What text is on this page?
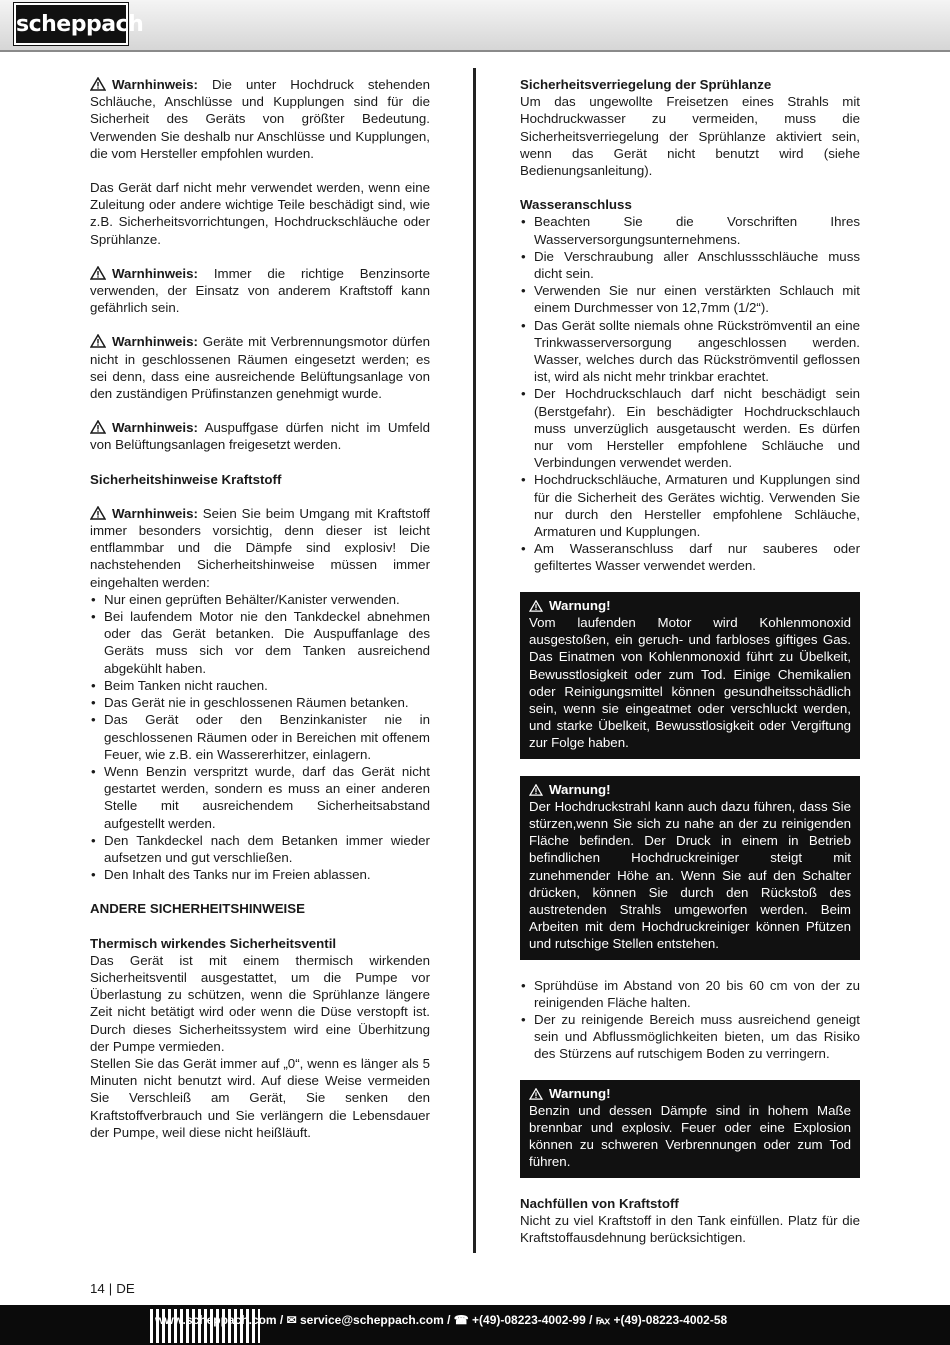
scheppach

Warnhinweis: Die unter Hochdruck stehenden Schläuche, Anschlüsse und Kupplungen sind für die Sicherheit des Geräts von größter Bedeutung. Verwenden Sie deshalb nur Anschlüsse und Kupplungen, die vom Hersteller empfohlen wurden.

Das Gerät darf nicht mehr verwendet werden, wenn eine Zuleitung oder andere wichtige Teile beschädigt sind, wie z.B. Sicherheitsvorrichtungen, Hochdruckschläuche oder Sprühlanze.

Warnhinweis: Immer die richtige Benzinsorte verwenden, der Einsatz von anderem Kraftstoff kann gefährlich sein.

Warnhinweis: Geräte mit Verbrennungsmotor dürfen nicht in geschlossenen Räumen eingesetzt werden; es sei denn, dass eine ausreichende Belüftungsanlage von den zuständigen Prüfinstanzen genehmigt wurde.

Warnhinweis: Auspuffgase dürfen nicht im Umfeld von Belüftungsanlagen freigesetzt werden.

Sicherheitshinweise Kraftstoff

Warnhinweis: Seien Sie beim Umgang mit Kraftstoff immer besonders vorsichtig, denn dieser ist leicht entflammbar und die Dämpfe sind explosiv! Die nachstehenden Sicherheitshinweise müssen immer eingehalten werden:

• Nur einen geprüften Behälter/Kanister verwenden.
• Bei laufendem Motor nie den Tankdeckel abnehmen oder das Gerät betanken. Die Auspuffanlage des Geräts muss sich vor dem Tanken ausreichend abgekühlt haben.
• Beim Tanken nicht rauchen.
• Das Gerät nie in geschlossenen Räumen betanken.
• Das Gerät oder den Benzinkanister nie in geschlossenen Räumen oder in Bereichen mit offenem Feuer, wie z.B. ein Wassererhitzer, einlagern.
• Wenn Benzin verspritzt wurde, darf das Gerät nicht gestartet werden, sondern es muss an einer anderen Stelle mit ausreichendem Sicherheitsabstand aufgestellt werden.
• Den Tankdeckel nach dem Betanken immer wieder aufsetzen und gut verschließen.
• Den Inhalt des Tanks nur im Freien ablassen.
ANDERE SICHERHEITSHINWEISE
Thermisch wirkendes Sicherheitsventil

Das Gerät ist mit einem thermisch wirkenden Sicherheitsventil ausgestattet, um die Pumpe vor Überlastung zu schützen, wenn die Sprühlanze längere Zeit nicht betätigt wird oder wenn die Düse verstopft ist. Durch dieses Sicherheitssystem wird eine Überhitzung der Pumpe vermieden.

Stellen Sie das Gerät immer auf „0“, wenn es länger als 5 Minuten nicht benutzt wird. Auf diese Weise vermeiden Sie Verschleiß am Gerät, Sie senken den Kraftstoffverbrauch und Sie verlängern die Lebensdauer der Pumpe, weil diese nicht heißläuft.

Sicherheitsverriegelung der Sprühlanze

Um das ungewollte Freisetzen eines Strahls mit Hochdruckwasser zu vermeiden, muss die Sicherheitsverriegelung der Sprühlanze aktiviert sein, wenn das Gerät nicht benutzt wird (siehe Bedienungsanleitung).

Wasseranschluss
• Beachten Sie die Vorschriften Ihres Wasserversorgungsunternehmens.
• Die Verschraubung aller Anschlussschläuche muss dicht sein.
• Verwenden Sie nur einen verstärkten Schlauch mit einem Durchmesser von 12,7mm (1/2“).
• Das Gerät sollte niemals ohne Rückströmventil an eine Trinkwasserversorgung angeschlossen werden. Wasser, welches durch das Rückströmventil geflossen ist, wird als nicht mehr trinkbar erachtet.
• Der Hochdruckschlauch darf nicht beschädigt sein (Berstgefahr). Ein beschädigter Hochdruckschlauch muss unverzüglich ausgetauscht werden. Es dürfen nur vom Hersteller empfohlene Schläuche und Verbindungen verwendet werden.
• Hochdruckschläuche, Armaturen und Kupplungen sind für die Sicherheit des Gerätes wichtig. Verwenden Sie nur durch den Hersteller empfohlene Schläuche, Armaturen und Kupplungen.
• Am Wasseranschluss darf nur sauberes oder gefiltertes Wasser verwendet werden.
Warnung!

Vom laufenden Motor wird Kohlenmonoxid ausgestoßen, ein geruch- und farbloses giftiges Gas. Das Einatmen von Kohlenmonoxid führt zu Übelkeit, Bewusstlosigkeit oder zum Tod. Einige Chemikalien oder Reinigungsmittel können gesundheitsschädlich sein, wenn sie eingeatmet oder verschluckt werden, und starke Übelkeit, Bewusstlosigkeit oder Vergiftung zur Folge haben.

Warnung!

Der Hochdruckstrahl kann auch dazu führen, dass Sie stürzen,wenn Sie sich zu nahe an der zu reinigenden Fläche befinden. Der Druck in einem in Betrieb befindlichen Hochdruckreiniger steigt mit zunehmender Höhe an. Wenn Sie auf den Schalter drücken, können Sie durch den Rückstoß des austretenden Strahls umgeworfen werden. Beim Arbeiten mit dem Hochdruckreiniger können Pfützen und rutschige Stellen entstehen.

• Sprühdüse im Abstand von 20 bis 60 cm von der zu reinigenden Fläche halten.
• Der zu reinigende Bereich muss ausreichend geneigt sein und Abflussmöglichkeiten bieten, um das Risiko des Stürzens auf rutschigem Boden zu verringern.
Warnung!

Benzin und dessen Dämpfe sind in hohem Maße brennbar und explosiv. Feuer oder eine Explosion können zu schweren Verbrennungen oder zum Tod führen.

Nachfüllen von Kraftstoff

Nicht zu viel Kraftstoff in den Tank einfüllen. Platz für die Kraftstoffausdehnung berücksichtigen.

14 | DE
www.scheppach.com / ✉ service@scheppach.com / ☎ +(49)-08223-4002-99 / ℻ +(49)-08223-4002-58
